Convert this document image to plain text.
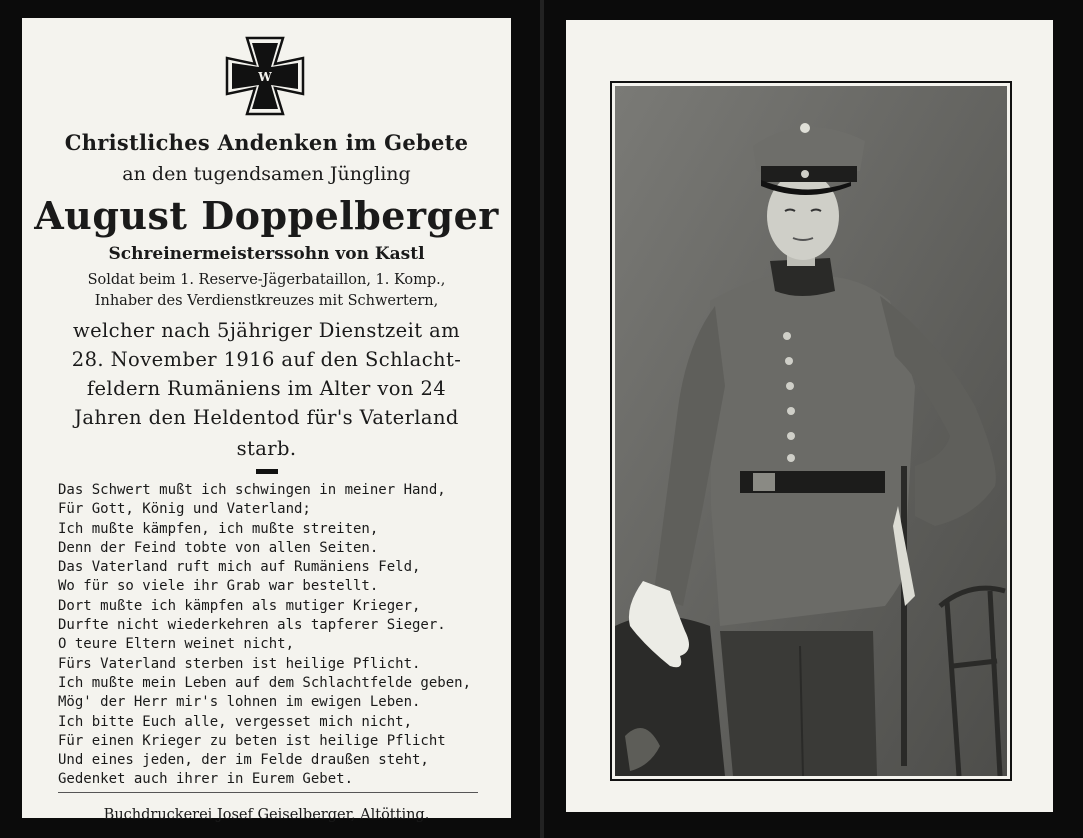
W
Christliches Andenken im Gebete
an den tugendsamen Jüngling
August Doppelberger
Schreinermeisterssohn von Kastl
Soldat beim 1. Reserve-Jägerbataillon, 1. Komp.,
Inhaber des Verdienstkreuzes mit Schwertern,
welcher nach 5jähriger Dienstzeit am
28. November 1916 auf den Schlacht-
feldern Rumäniens im Alter von 24
Jahren den Heldentod für's Vaterland
starb.
Das Schwert mußt ich schwingen in meiner Hand,
Für Gott, König und Vaterland;
Ich mußte kämpfen, ich mußte streiten,
Denn der Feind tobte von allen Seiten.
Das Vaterland ruft mich auf Rumäniens Feld,
Wo für so viele ihr Grab war bestellt.
Dort mußte ich kämpfen als mutiger Krieger,
Durfte nicht wiederkehren als tapferer Sieger.
O teure Eltern weinet nicht,
Fürs Vaterland sterben ist heilige Pflicht.
Ich mußte mein Leben auf dem Schlachtfelde geben,
Mög' der Herr mir's lohnen im ewigen Leben.
Ich bitte Euch alle, vergesset mich nicht,
Für einen Krieger zu beten ist heilige Pflicht
Und eines jeden, der im Felde draußen steht,
Gedenket auch ihrer in Eurem Gebet.
Buchdruckerei Josef Geiselberger, Altötting.
